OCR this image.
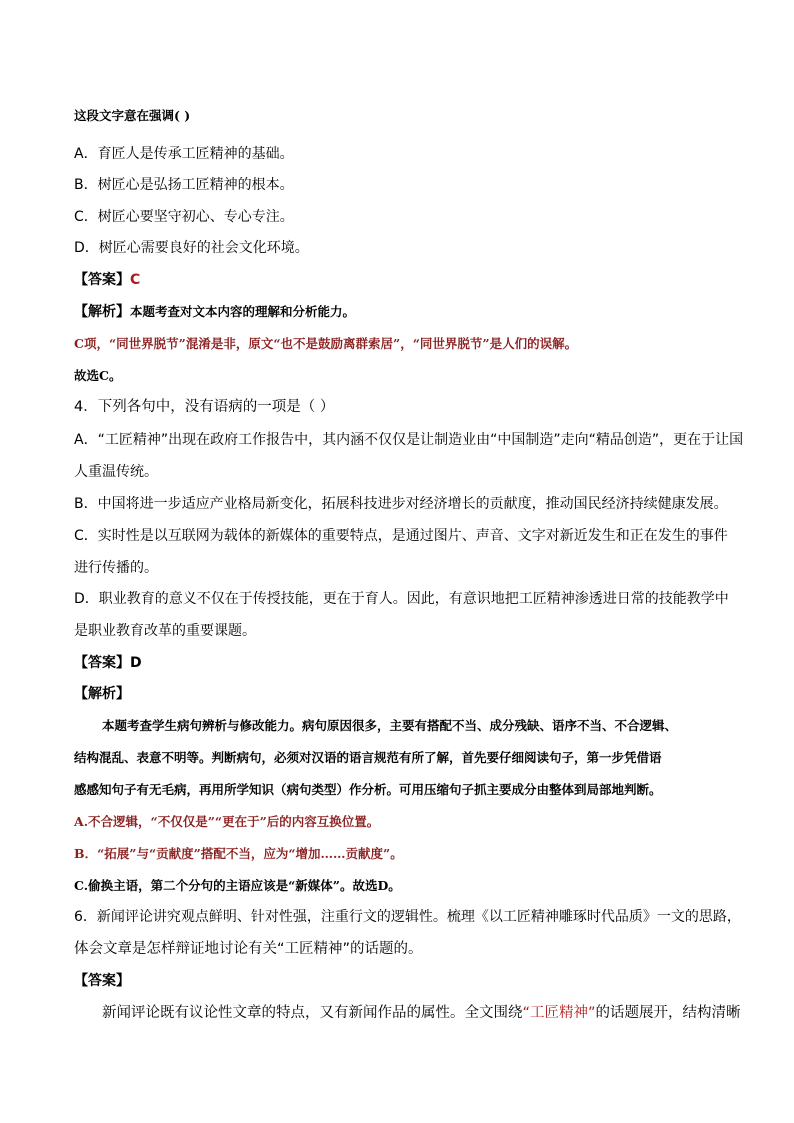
这段文字意在强调( )
A．育匠人是传承工匠精神的基础。
B．树匠心是弘扬工匠精神的根本。
C．树匠心要坚守初心、专心专注。
D．树匠心需要良好的社会文化环境。
【答案】C
【解析】本题考查对文本内容的理解和分析能力。
C项，“同世界脱节”混淆是非，原文“也不是鼓励离群索居”，“同世界脱节”是人们的误解。
故选C。
4．下列各句中，没有语病的一项是（ ）
A．“工匠精神”出现在政府工作报告中，其内涵不仅仅是让制造业由“中国制造”走向“精品创造”，更在于让国
人重温传统。
B．中国将进一步适应产业格局新变化，拓展科技进步对经济增长的贡献度，推动国民经济持续健康发展。
C．实时性是以互联网为载体的新媒体的重要特点，是通过图片、声音、文字对新近发生和正在发生的事件
进行传播的。
D．职业教育的意义不仅在于传授技能，更在于育人。因此，有意识地把工匠精神渗透进日常的技能教学中
是职业教育改革的重要课题。
【答案】D
【解析】
本题考查学生病句辨析与修改能力。病句原因很多，主要有搭配不当、成分残缺、语序不当、不合逻辑、
结构混乱、表意不明等。判断病句，必须对汉语的语言规范有所了解，首先要仔细阅读句子，第一步凭借语
感感知句子有无毛病，再用所学知识（病句类型）作分析。可用压缩句子抓主要成分由整体到局部地判断。
A.不合逻辑，“不仅仅是”“更在于”后的内容互换位置。
B．“拓展”与“贡献度”搭配不当，应为“增加……贡献度”。
C.偷换主语，第二个分句的主语应该是“新媒体”。故选D。
6．新闻评论讲究观点鲜明、针对性强，注重行文的逻辑性。梳理《以工匠精神雕琢时代品质》一文的思路，
体会文章是怎样辩证地讨论有关“工匠精神”的话题的。
【答案】
新闻评论既有议论性文章的特点，又有新闻作品的属性。全文围绕“工匠精神”的话题展开，结构清晰
